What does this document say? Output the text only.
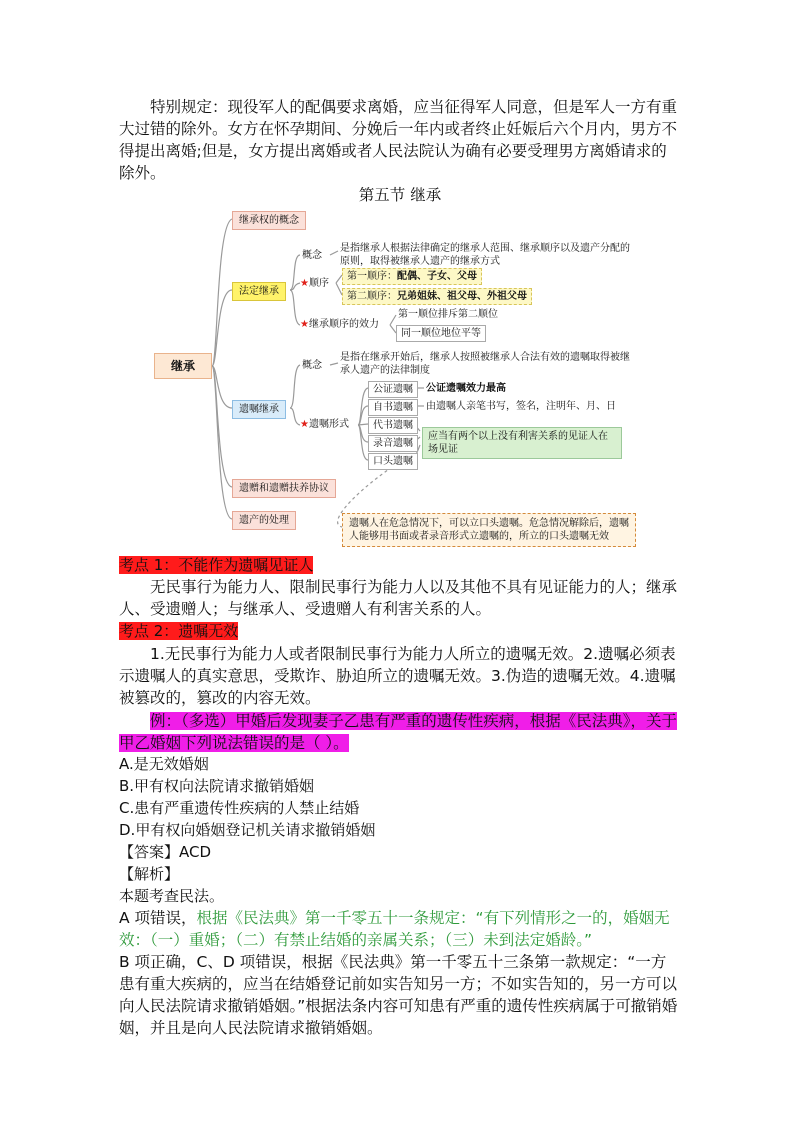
特别规定：现役军人的配偶要求离婚，应当征得军人同意，但是军人一方有重大过错的除外。女方在怀孕期间、分娩后一年内或者终止妊娠后六个月内，男方不得提出离婚;但是，女方提出离婚或者人民法院认为确有必要受理男方离婚请求的除外。
第五节 继承
继承
继承权的概念
法定继承
遗嘱继承
遗赠和遗赠扶养协议
遗产的处理
概念
是指继承人根据法律确定的继承人范围、继承顺序以及遗产分配的原则，取得被继承人遗产的继承方式
★顺序
第一顺序：配偶、子女、父母
第二顺序：兄弟姐妹、祖父母、外祖父母
★继承顺序的效力
第一顺位排斥第二顺位
同一顺位地位平等
概念
是指在继承开始后，继承人按照被继承人合法有效的遗嘱取得被继承人遗产的法律制度
★遗嘱形式
公证遗嘱
自书遗嘱
代书遗嘱
录音遗嘱
口头遗嘱
公证遗嘱效力最高
由遗嘱人亲笔书写，签名，注明年、月、日
应当有两个以上没有利害关系的见证人在场见证
遗嘱人在危急情况下，可以立口头遗嘱。危急情况解除后，遗嘱人能够用书面或者录音形式立遗嘱的，所立的口头遗嘱无效
考点 1：不能作为遗嘱见证人
无民事行为能力人、限制民事行为能力人以及其他不具有见证能力的人；继承人、受遗赠人；与继承人、受遗赠人有利害关系的人。
考点 2：遗嘱无效
1.无民事行为能力人或者限制民事行为能力人所立的遗嘱无效。2.遗嘱必须表示遗嘱人的真实意思，受欺诈、胁迫所立的遗嘱无效。3.伪造的遗嘱无效。4.遗嘱被篡改的，篡改的内容无效。
例：（多选）甲婚后发现妻子乙患有严重的遗传性疾病，根据《民法典》，关于甲乙婚姻下列说法错误的是（ ）。
A.是无效婚姻
B.甲有权向法院请求撤销婚姻
C.患有严重遗传性疾病的人禁止结婚
D.甲有权向婚姻登记机关请求撤销婚姻
【答案】ACD
【解析】
本题考查民法。
A 项错误，根据《民法典》第一千零五十一条规定：“有下列情形之一的，婚姻无效：（一）重婚；（二）有禁止结婚的亲属关系；（三）未到法定婚龄。”
B 项正确，C、D 项错误，根据《民法典》第一千零五十三条第一款规定：“一方患有重大疾病的，应当在结婚登记前如实告知另一方；不如实告知的，另一方可以向人民法院请求撤销婚姻。”根据法条内容可知患有严重的遗传性疾病属于可撤销婚姻，并且是向人民法院请求撤销婚姻。
